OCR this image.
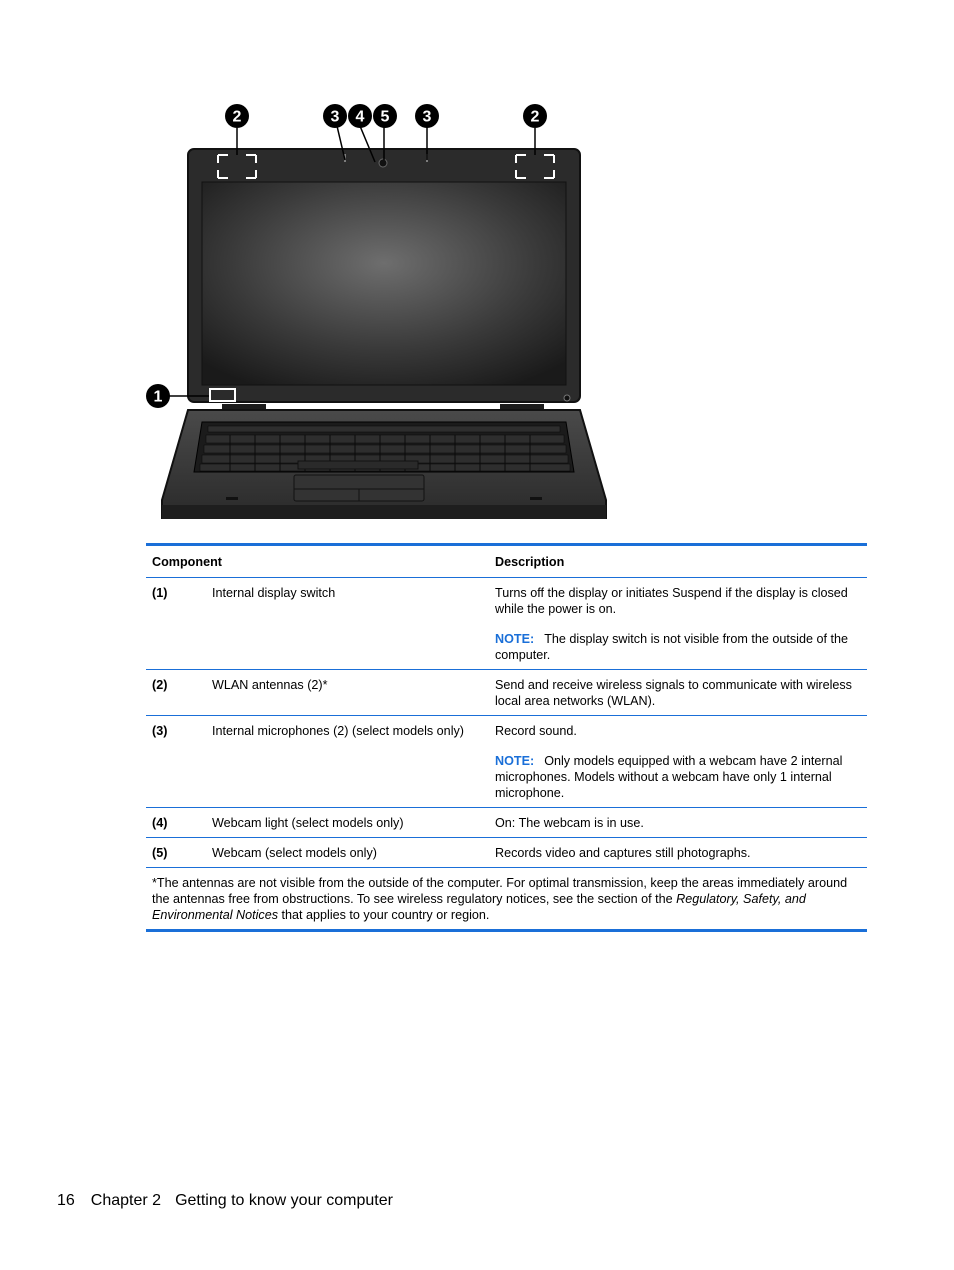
2	3 4 5 3	2
1
Component		Description
(1)	Internal display switch	Turns off the display or initiates Suspend if the display is closed while the power is on.

NOTE: The display switch is not visible from the outside of the computer.

(2)	WLAN antennas (2)*	Send and receive wireless signals to communicate with wireless local area networks (WLAN).

(3)	Internal microphones (2) (select models only)	Record sound.

NOTE: Only models equipped with a webcam have 2 internal microphones. Models without a webcam have only 1 internal microphone.

(4)	Webcam light (select models only)	On: The webcam is in use.

(5)	Webcam (select models only)	Records video and captures still photographs.

*The antennas are not visible from the outside of the computer. For optimal transmission, keep the areas immediately around the antennas free from obstructions. To see wireless regulatory notices, see the section of the Regulatory, Safety, and Environmental Notices that applies to your country or region.		
16 Chapter 2 Getting to know your computer
